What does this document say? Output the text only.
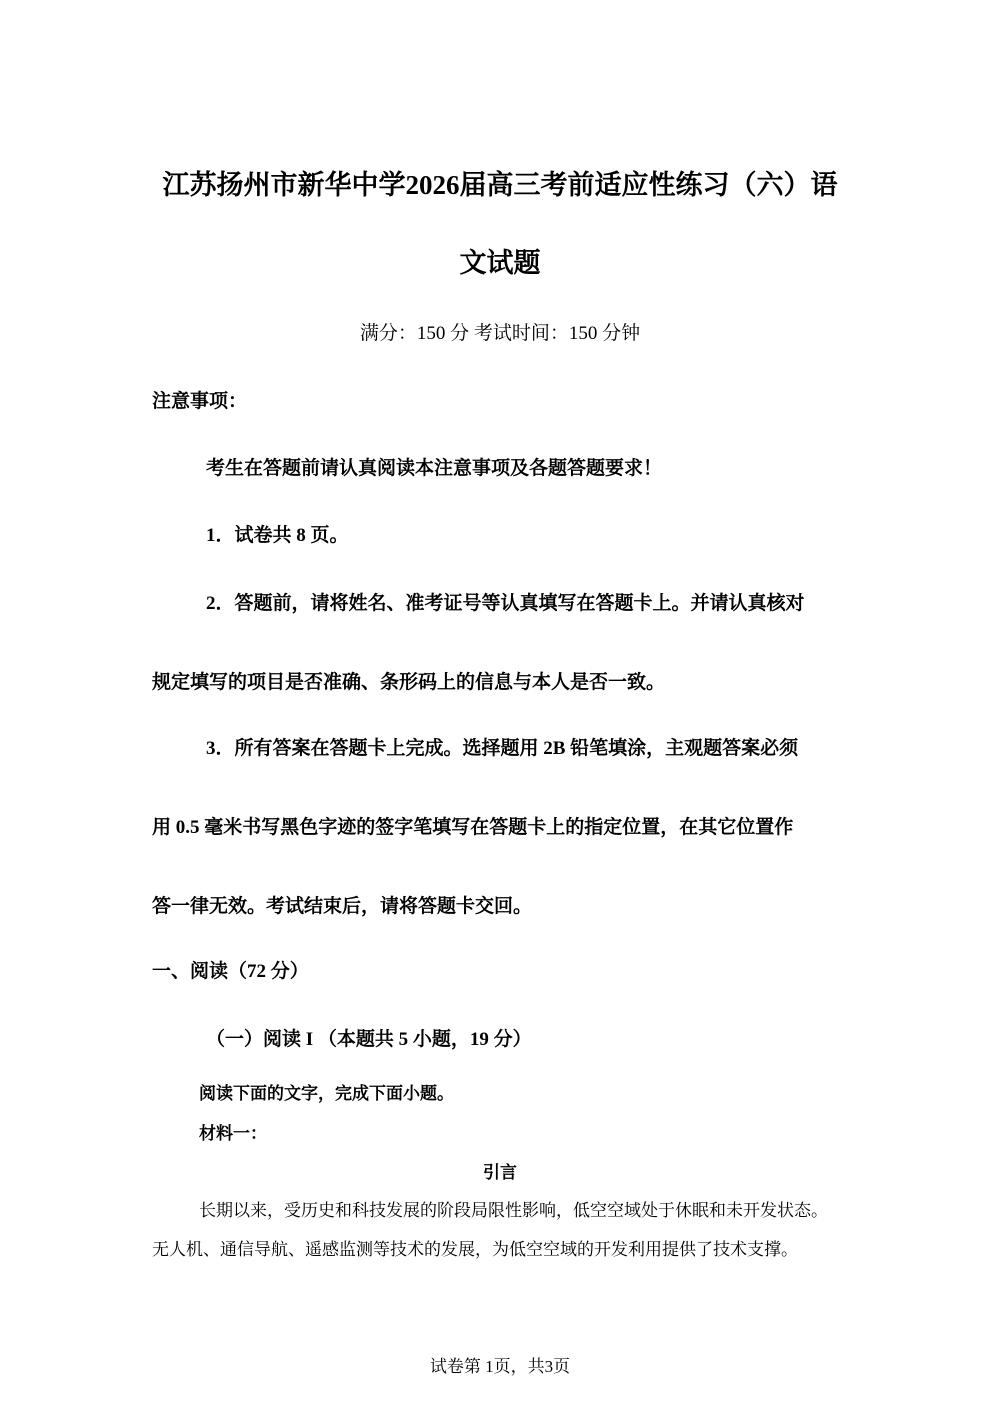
江苏扬州市新华中学2026届高三考前适应性练习（六）语
文试题
满分：150 分 考试时间：150 分钟
注意事项：
考生在答题前请认真阅读本注意事项及各题答题要求！
1．试卷共 8 页。
2．答题前，请将姓名、准考证号等认真填写在答题卡上。并请认真核对
规定填写的项目是否准确、条形码上的信息与本人是否一致。
3．所有答案在答题卡上完成。选择题用 2B 铅笔填涂，主观题答案必须
用 0.5 毫米书写黑色字迹的签字笔填写在答题卡上的指定位置，在其它位置作
答一律无效。考试结束后，请将答题卡交回。
一、阅读（72 分）
（一）阅读 I （本题共 5 小题，19 分）
阅读下面的文字，完成下面小题。
材料一：
引言
长期以来，受历史和科技发展的阶段局限性影响，低空空域处于休眠和未开发状态。
无人机、通信导航、遥感监测等技术的发展，为低空空域的开发利用提供了技术支撑。
试卷第 1页，共3页
